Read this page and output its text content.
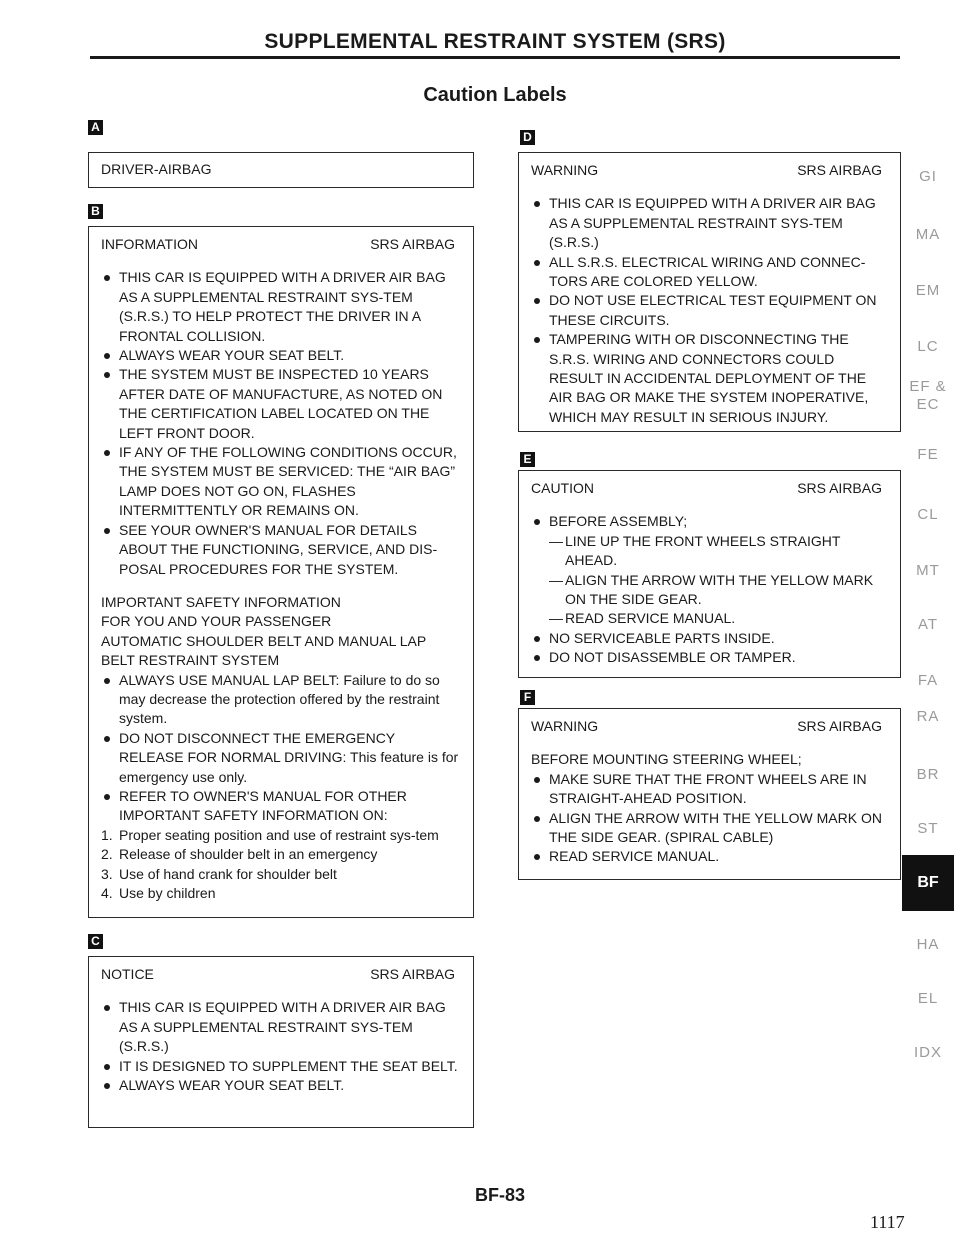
SUPPLEMENTAL RESTRAINT SYSTEM (SRS)
Caution Labels
A
DRIVER-AIRBAG
B
INFORMATION	SRS AIRBAG
THIS CAR IS EQUIPPED WITH A DRIVER AIR BAG AS A SUPPLEMENTAL RESTRAINT SYS-TEM (S.R.S.) TO HELP PROTECT THE DRIVER IN A FRONTAL COLLISION.
ALWAYS WEAR YOUR SEAT BELT.
THE SYSTEM MUST BE INSPECTED 10 YEARS AFTER DATE OF MANUFACTURE, AS NOTED ON THE CERTIFICATION LABEL LOCATED ON THE LEFT FRONT DOOR.
IF ANY OF THE FOLLOWING CONDITIONS OCCUR, THE SYSTEM MUST BE SERVICED: THE “AIR BAG” LAMP DOES NOT GO ON, FLASHES INTERMITTENTLY OR REMAINS ON.
SEE YOUR OWNER'S MANUAL FOR DETAILS ABOUT THE FUNCTIONING, SERVICE, AND DIS-POSAL PROCEDURES FOR THE SYSTEM.

IMPORTANT SAFETY INFORMATION

FOR YOU AND YOUR PASSENGER

AUTOMATIC SHOULDER BELT AND MANUAL LAP

BELT RESTRAINT SYSTEM

ALWAYS USE MANUAL LAP BELT: Failure to do so may decrease the protection offered by the restraint system.
DO NOT DISCONNECT THE EMERGENCY RELEASE FOR NORMAL DRIVING: This feature is for emergency use only.
REFER TO OWNER'S MANUAL FOR OTHER IMPORTANT SAFETY INFORMATION ON:
1. Proper seating position and use of restraint sys-tem
2. Release of shoulder belt in an emergency
3. Use of hand crank for shoulder belt
4. Use by children
C
NOTICE	SRS AIRBAG
THIS CAR IS EQUIPPED WITH A DRIVER AIR BAG AS A SUPPLEMENTAL RESTRAINT SYS-TEM (S.R.S.)
IT IS DESIGNED TO SUPPLEMENT THE SEAT BELT.
ALWAYS WEAR YOUR SEAT BELT.
D
WARNING	SRS AIRBAG
THIS CAR IS EQUIPPED WITH A DRIVER AIR BAG AS A SUPPLEMENTAL RESTRAINT SYS-TEM (S.R.S.)
ALL S.R.S. ELECTRICAL WIRING AND CONNEC-TORS ARE COLORED YELLOW.
DO NOT USE ELECTRICAL TEST EQUIPMENT ON THESE CIRCUITS.
TAMPERING WITH OR DISCONNECTING THE S.R.S. WIRING AND CONNECTORS COULD RESULT IN ACCIDENTAL DEPLOYMENT OF THE AIR BAG OR MAKE THE SYSTEM INOPERATIVE, WHICH MAY RESULT IN SERIOUS INJURY.
E
CAUTION	SRS AIRBAG
BEFORE ASSEMBLY;
— LINE UP THE FRONT WHEELS STRAIGHT AHEAD.
— ALIGN THE ARROW WITH THE YELLOW MARK ON THE SIDE GEAR.
— READ SERVICE MANUAL.
NO SERVICEABLE PARTS INSIDE.
DO NOT DISASSEMBLE OR TAMPER.
F
WARNING	SRS AIRBAG

BEFORE MOUNTING STEERING WHEEL;

MAKE SURE THAT THE FRONT WHEELS ARE IN STRAIGHT-AHEAD POSITION.
ALIGN THE ARROW WITH THE YELLOW MARK ON THE SIDE GEAR. (SPIRAL CABLE)
READ SERVICE MANUAL.
GI
MA
EM
LC
EF &
EC
FE
CL
MT
AT
FA
RA
BR
ST
BF
HA
EL
IDX
BF-83
1117
